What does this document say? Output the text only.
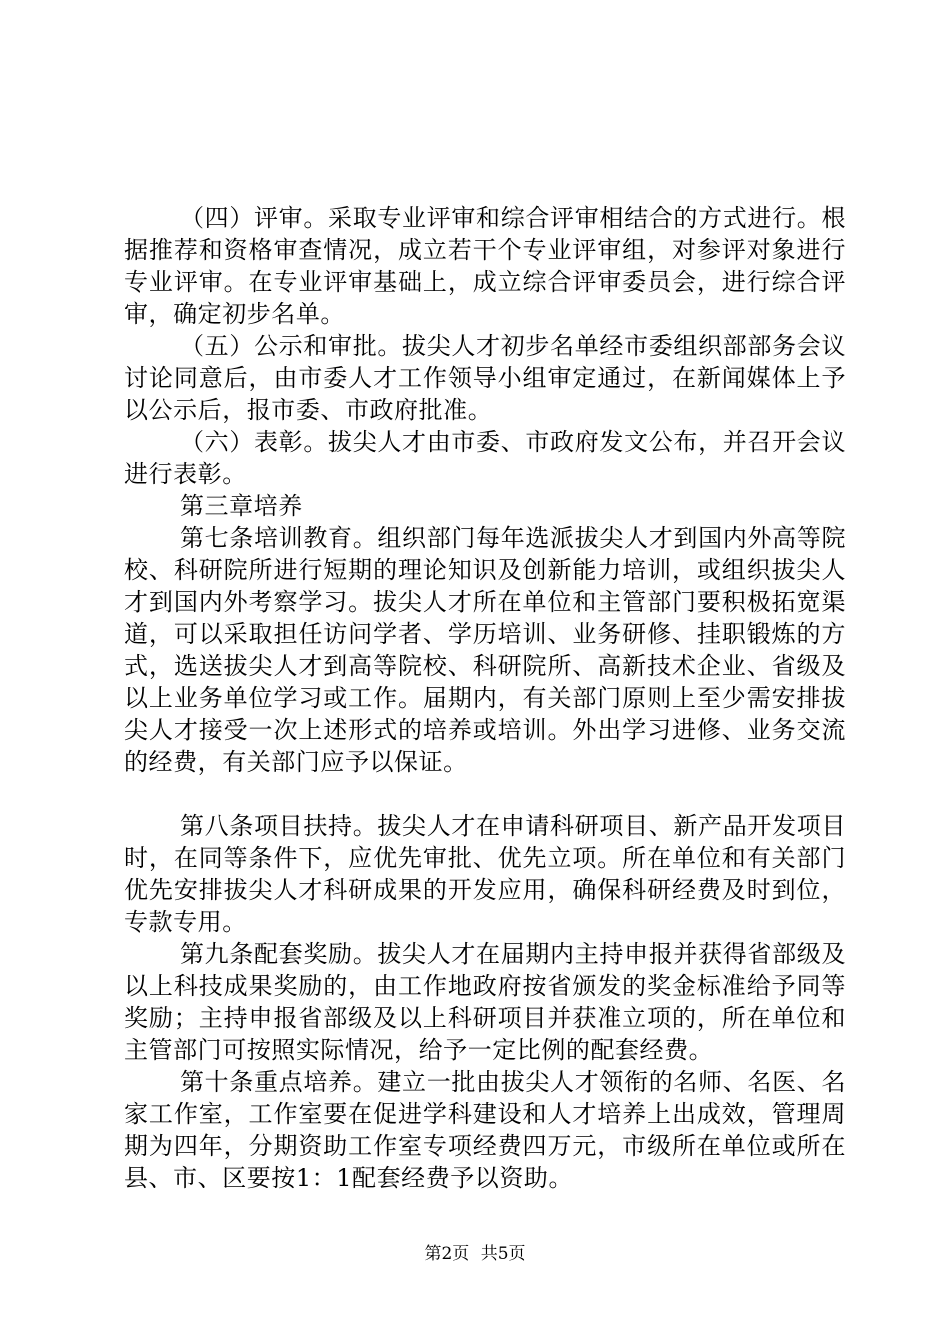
（四）评审。采取专业评审和综合评审相结合的方式进行。根据推荐和资格审查情况，成立若干个专业评审组，对参评对象进行专业评审。在专业评审基础上，成立综合评审委员会，进行综合评审，确定初步名单。

（五）公示和审批。拔尖人才初步名单经市委组织部部务会议讨论同意后，由市委人才工作领导小组审定通过，在新闻媒体上予以公示后，报市委、市政府批准。

（六）表彰。拔尖人才由市委、市政府发文公布，并召开会议进行表彰。

第三章培养

第七条培训教育。组织部门每年选派拔尖人才到国内外高等院校、科研院所进行短期的理论知识及创新能力培训，或组织拔尖人才到国内外考察学习。拔尖人才所在单位和主管部门要积极拓宽渠道，可以采取担任访问学者、学历培训、业务研修、挂职锻炼的方式，选送拔尖人才到高等院校、科研院所、高新技术企业、省级及以上业务单位学习或工作。届期内，有关部门原则上至少需安排拔尖人才接受一次上述形式的培养或培训。外出学习进修、业务交流的经费，有关部门应予以保证。

第八条项目扶持。拔尖人才在申请科研项目、新产品开发项目时，在同等条件下，应优先审批、优先立项。所在单位和有关部门优先安排拔尖人才科研成果的开发应用，确保科研经费及时到位，专款专用。

第九条配套奖励。拔尖人才在届期内主持申报并获得省部级及以上科技成果奖励的，由工作地政府按省颁发的奖金标准给予同等奖励；主持申报省部级及以上科研项目并获准立项的，所在单位和主管部门可按照实际情况，给予一定比例的配套经费。

第十条重点培养。建立一批由拔尖人才领衔的名师、名医、名家工作室，工作室要在促进学科建设和人才培养上出成效，管理周期为四年，分期资助工作室专项经费四万元，市级所在单位或所在县、市、区要按1：1配套经费予以资助。

第2页 共5页
